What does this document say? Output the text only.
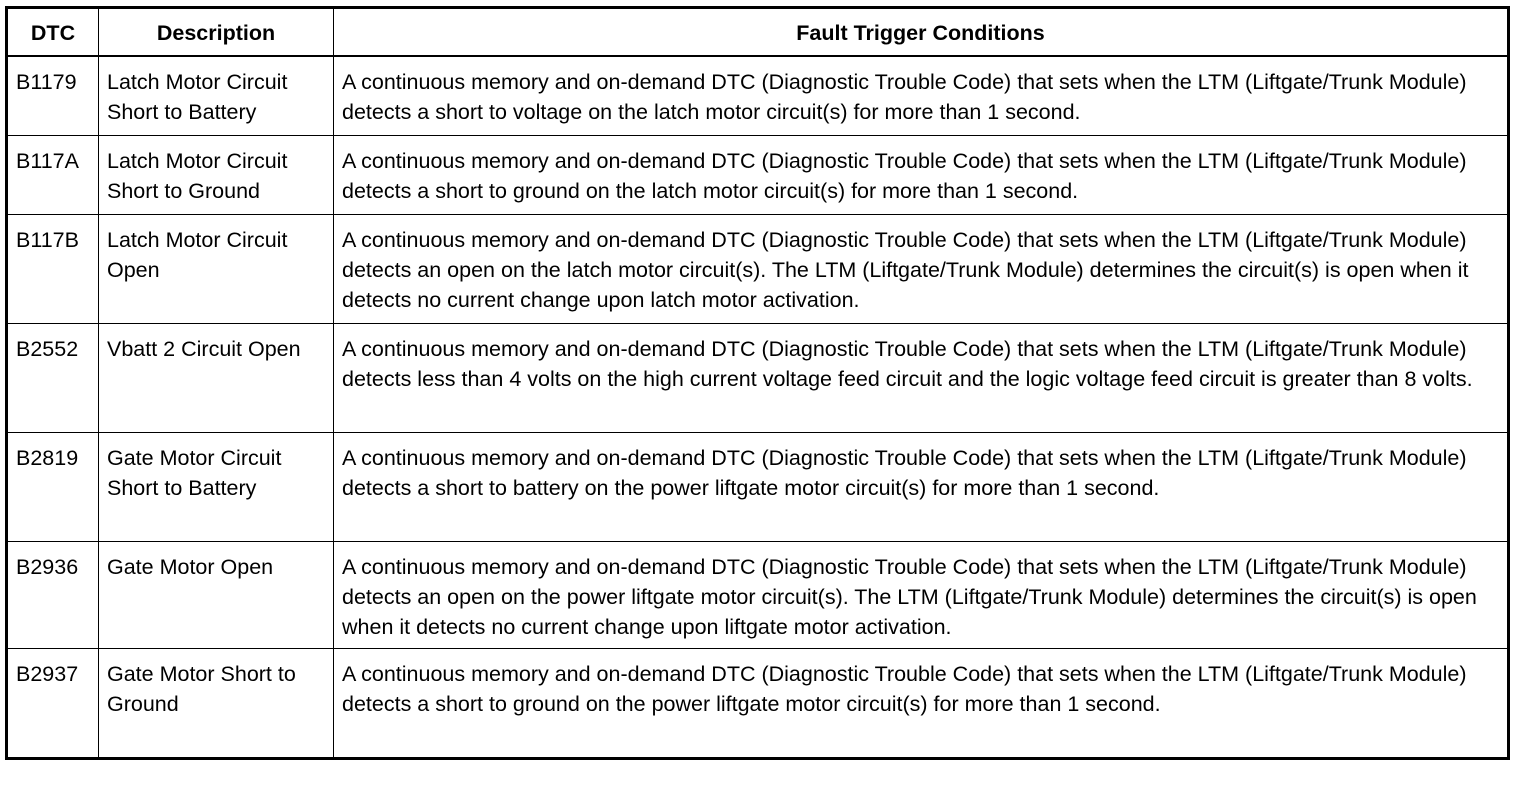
DTC	Description	Fault Trigger Conditions
B1179	Latch Motor Circuit Short to Battery	A continuous memory and on-demand DTC (Diagnostic Trouble Code) that sets when the LTM (Liftgate/Trunk Module) detects a short to voltage on the latch motor circuit(s) for more than 1 second.
B117A	Latch Motor Circuit Short to Ground	A continuous memory and on-demand DTC (Diagnostic Trouble Code) that sets when the LTM (Liftgate/Trunk Module) detects a short to ground on the latch motor circuit(s) for more than 1 second.
B117B	Latch Motor Circuit Open	A continuous memory and on-demand DTC (Diagnostic Trouble Code) that sets when the LTM (Liftgate/Trunk Module) detects an open on the latch motor circuit(s). The LTM (Liftgate/Trunk Module) determines the circuit(s) is open when it detects no current change upon latch motor activation.
B2552	Vbatt 2 Circuit Open	A continuous memory and on-demand DTC (Diagnostic Trouble Code) that sets when the LTM (Liftgate/Trunk Module) detects less than 4 volts on the high current voltage feed circuit and the logic voltage feed circuit is greater than 8 volts.
B2819	Gate Motor Circuit Short to Battery	A continuous memory and on-demand DTC (Diagnostic Trouble Code) that sets when the LTM (Liftgate/Trunk Module) detects a short to battery on the power liftgate motor circuit(s) for more than 1 second.
B2936	Gate Motor Open	A continuous memory and on-demand DTC (Diagnostic Trouble Code) that sets when the LTM (Liftgate/Trunk Module) detects an open on the power liftgate motor circuit(s). The LTM (Liftgate/Trunk Module) determines the circuit(s) is open when it detects no current change upon liftgate motor activation.
B2937	Gate Motor Short to Ground	A continuous memory and on-demand DTC (Diagnostic Trouble Code) that sets when the LTM (Liftgate/Trunk Module) detects a short to ground on the power liftgate motor circuit(s) for more than 1 second.
